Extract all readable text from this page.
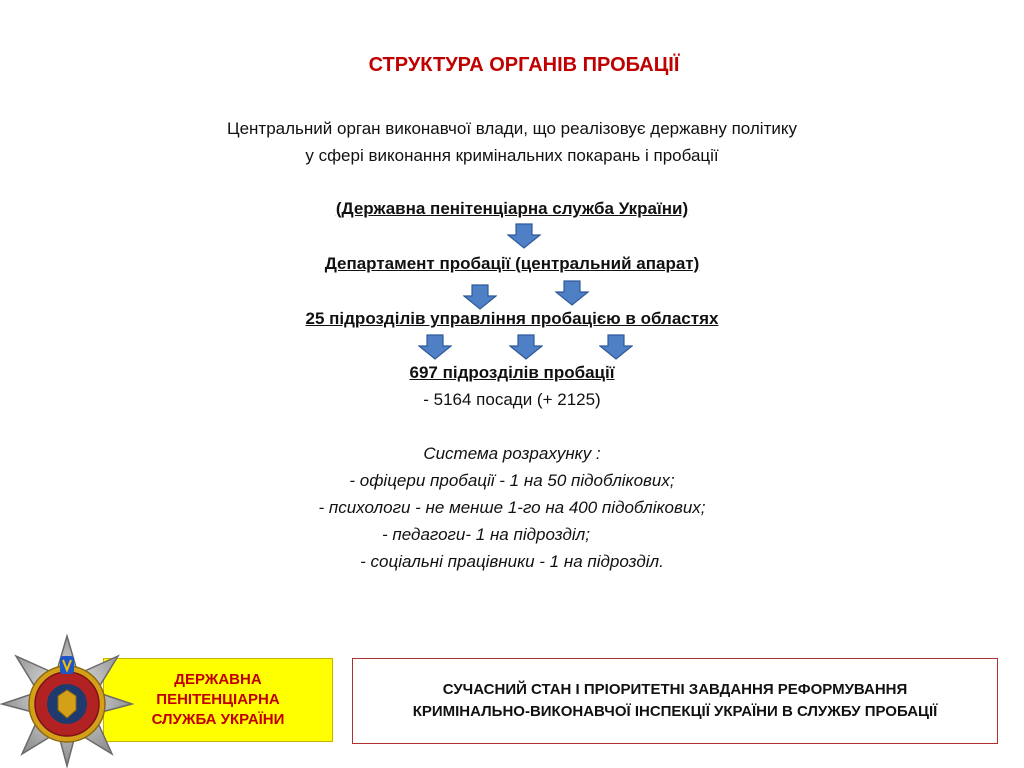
СТРУКТУРА ОРГАНІВ ПРОБАЦІЇ
Центральний орган виконавчої влади, що реалізовує державну політику
у сфері виконання кримінальних покарань і пробації
(Державна пенітенціарна служба України)
Департамент пробації (центральний апарат)
25 підрозділів управління пробацією в областях
697 підрозділів пробації
- 5164 посади (+ 2125)
Система розрахунку :
- офіцери пробації - 1 на 50 підоблікових;
- психологи - не менше 1-го на 400 підоблікових;
- педагоги- 1 на підрозділ;
- соціальні працівники - 1 на підрозділ.
ДЕРЖАВНА
ПЕНІТЕНЦІАРНА
СЛУЖБА УКРАЇНИ
СУЧАСНИЙ СТАН І ПРІОРИТЕТНІ ЗАВДАННЯ РЕФОРМУВАННЯ
КРИМІНАЛЬНО-ВИКОНАВЧОЇ ІНСПЕКЦІЇ УКРАЇНИ В СЛУЖБУ ПРОБАЦІЇ
